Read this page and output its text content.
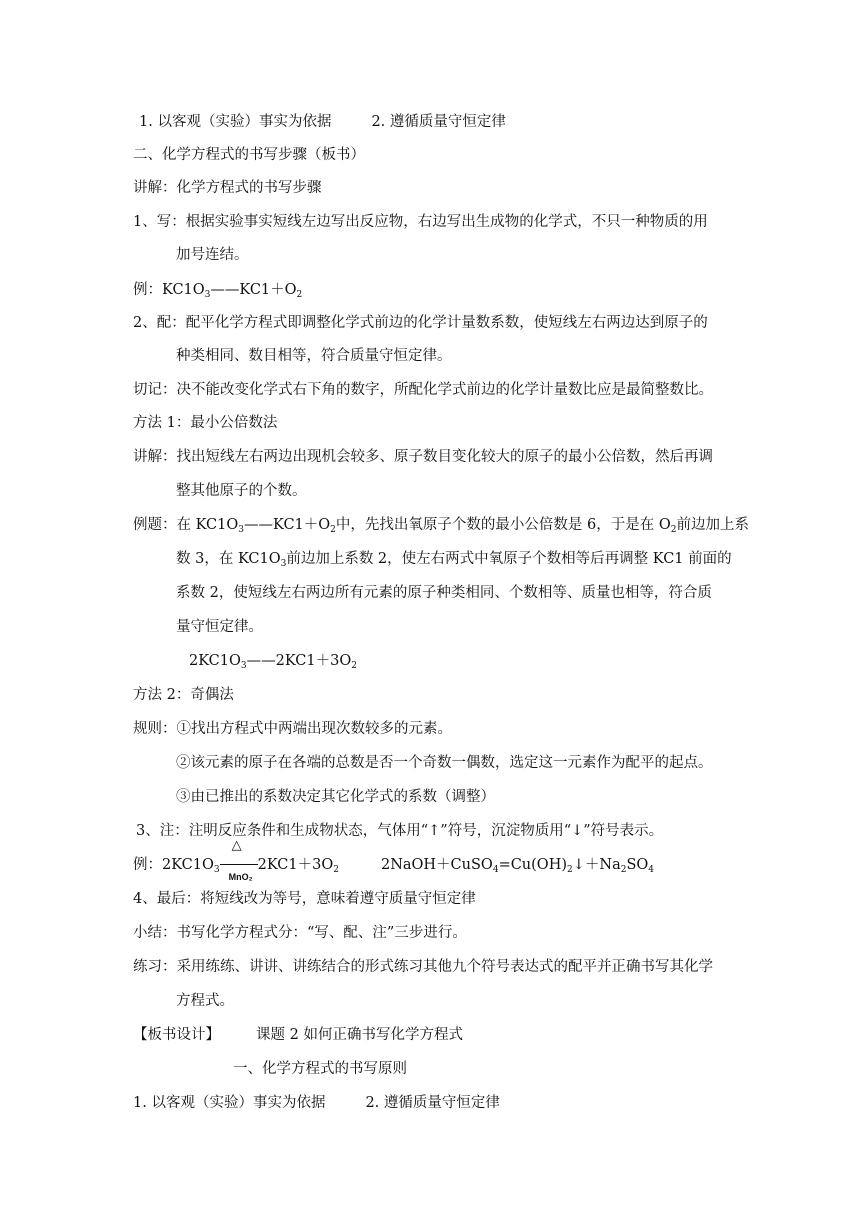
1. 以客观（实验）事实为依据	2. 遵循质量守恒定律
二、化学方程式的书写步骤（板书）
讲解：化学方程式的书写步骤
1、写：根据实验事实短线左边写出反应物，右边写出生成物的化学式，不只一种物质的用
加号连结。
例：$KC1O_3——KC1+O_2$
2、配：配平化学方程式即调整化学式前边的化学计量数系数，使短线左右两边达到原子的
种类相同、数目相等，符合质量守恒定律。
切记：决不能改变化学式右下角的数字，所配化学式前边的化学计量数比应是最简整数比。
方法 1：最小公倍数法
讲解：找出短线左右两边出现机会较多、原子数目变化较大的原子的最小公倍数，然后再调
整其他原子的个数。
例题：在 $KC1O_3——KC1+O_2$中，先找出氧原子个数的最小公倍数是 6，于是在 $O_2$前边加上系
数 3，在 $KC1O_3$前边加上系数 2，使左右两式中氧原子个数相等后再调整 KC1 前面的
系数 2，使短线左右两边所有元素的原子种类相同、个数相等、质量也相等，符合质
量守恒定律。
$2KC1O_3——2KC1+3O_2$
方法 2：奇偶法
规则：①找出方程式中两端出现次数较多的元素。
②该元素的原子在各端的总数是否一个奇数一偶数，选定这一元素作为配平的起点。
③由已推出的系数决定其它化学式的系数（调整）
3、注：注明反应条件和生成物状态，气体用“↑”符号，沉淀物质用“↓”符号表示。
例：$2KC1O_3$
△
MnO₂
$2KC1+3O_2$	$2NaOH+CuSO_4=Cu(OH)_2↓+Na_2SO_4$
4、最后：将短线改为等号，意味着遵守质量守恒定律
小结：书写化学方程式分：“写、配、注”三步进行。
练习：采用练练、讲讲、讲练结合的形式练习其他九个符号表达式的配平并正确书写其化学
方程式。
【板书设计】 课题 2 如何正确书写化学方程式
一、化学方程式的书写原则
1. 以客观（实验）事实为依据	2. 遵循质量守恒定律
